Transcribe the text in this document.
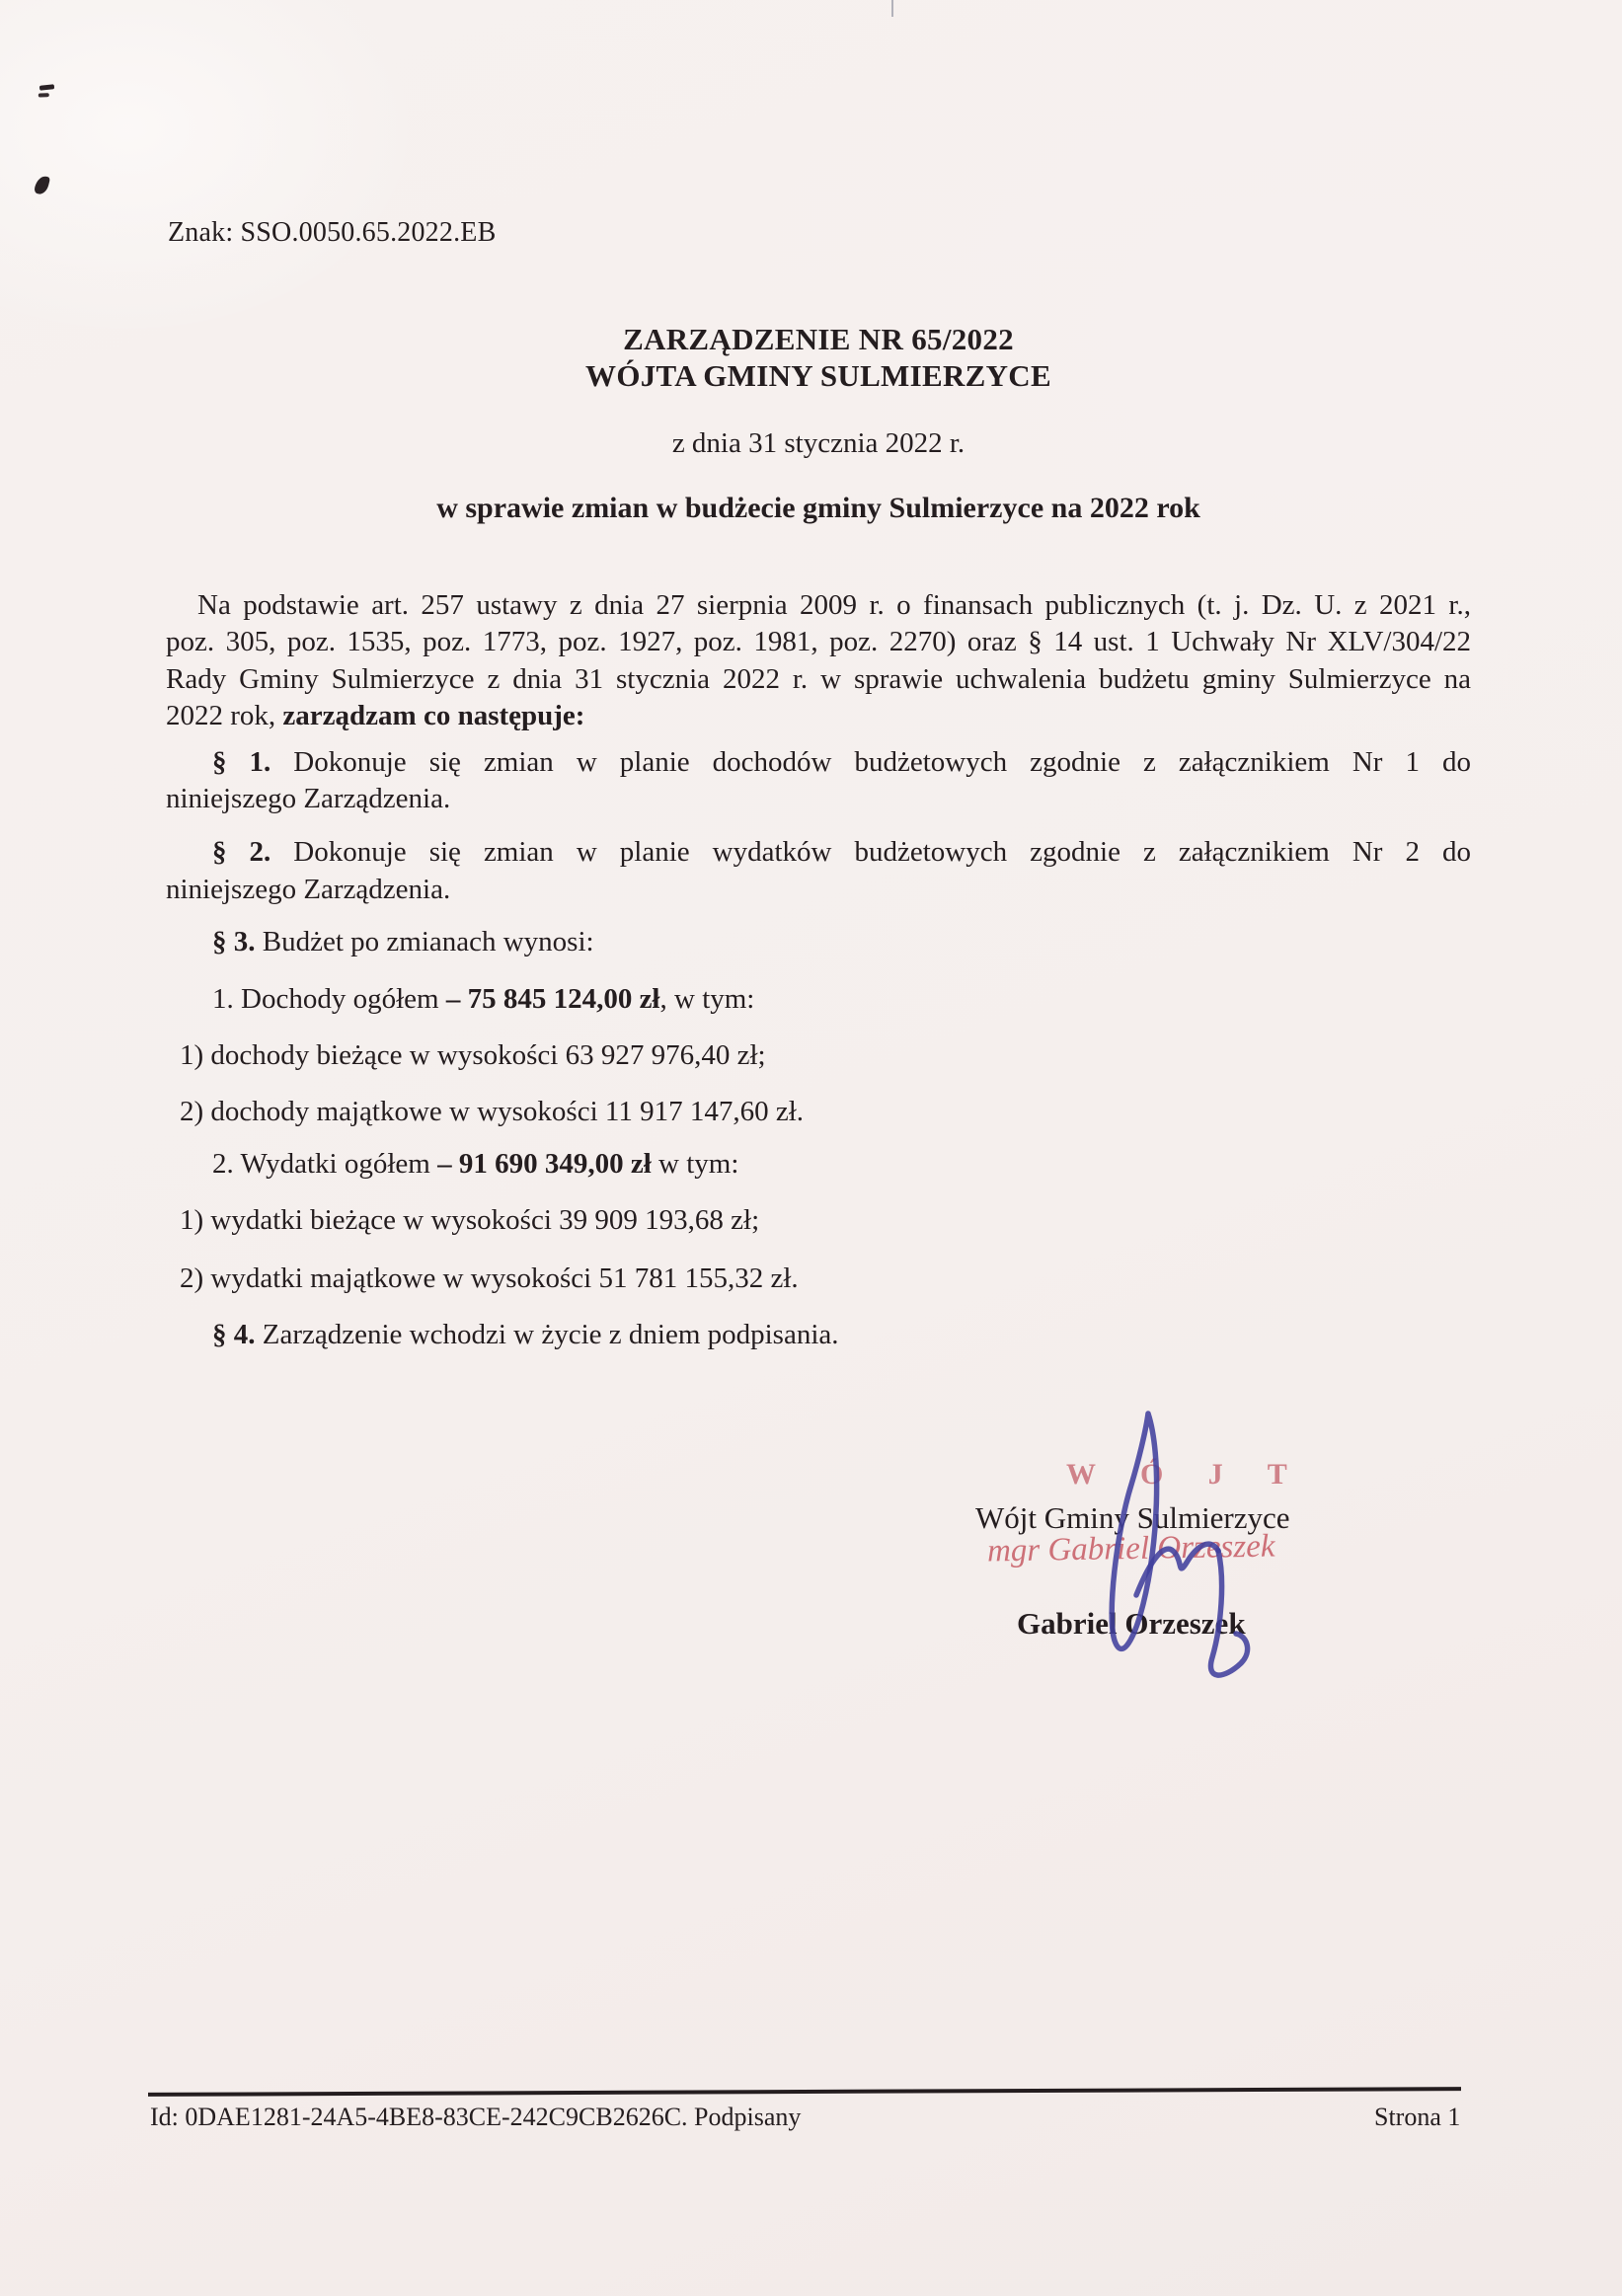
Znak: SSO.0050.65.2022.EB
ZARZĄDZENIE NR 65/2022
WÓJTA GMINY SULMIERZYCE
z dnia 31 stycznia 2022 r.
w sprawie zmian w budżecie gminy Sulmierzyce na 2022 rok
Na podstawie art. 257 ustawy z dnia 27 sierpnia 2009 r. o finansach publicznych (t. j. Dz. U. z 2021 r.,
poz. 305, poz. 1535, poz. 1773, poz. 1927, poz. 1981, poz. 2270) oraz § 14 ust. 1 Uchwały Nr XLV/304/22
Rady Gminy Sulmierzyce z dnia 31 stycznia 2022 r. w sprawie uchwalenia budżetu gminy Sulmierzyce na
2022 rok, zarządzam co następuje:
§ 1. Dokonuje się zmian w planie dochodów budżetowych zgodnie z załącznikiem Nr 1 do
niniejszego Zarządzenia.
§ 2. Dokonuje się zmian w planie wydatków budżetowych zgodnie z załącznikiem Nr 2 do
niniejszego Zarządzenia.
§ 3. Budżet po zmianach wynosi:
1. Dochody ogółem – 75 845 124,00 zł, w tym:
1) dochody bieżące w wysokości 63 927 976,40 zł;
2) dochody majątkowe w wysokości 11 917 147,60 zł.
2. Wydatki ogółem – 91 690 349,00 zł w tym:
1) wydatki bieżące w wysokości 39 909 193,68 zł;
2) wydatki majątkowe w wysokości 51 781 155,32 zł.
§ 4. Zarządzenie wchodzi w życie z dniem podpisania.
W Ó J T
Wójt Gminy Sulmierzyce
mgr Gabriel Orzeszek
Gabriel Orzeszek
Id: 0DAE1281-24A5-4BE8-83CE-242C9CB2626C. Podpisany	Strona 1
